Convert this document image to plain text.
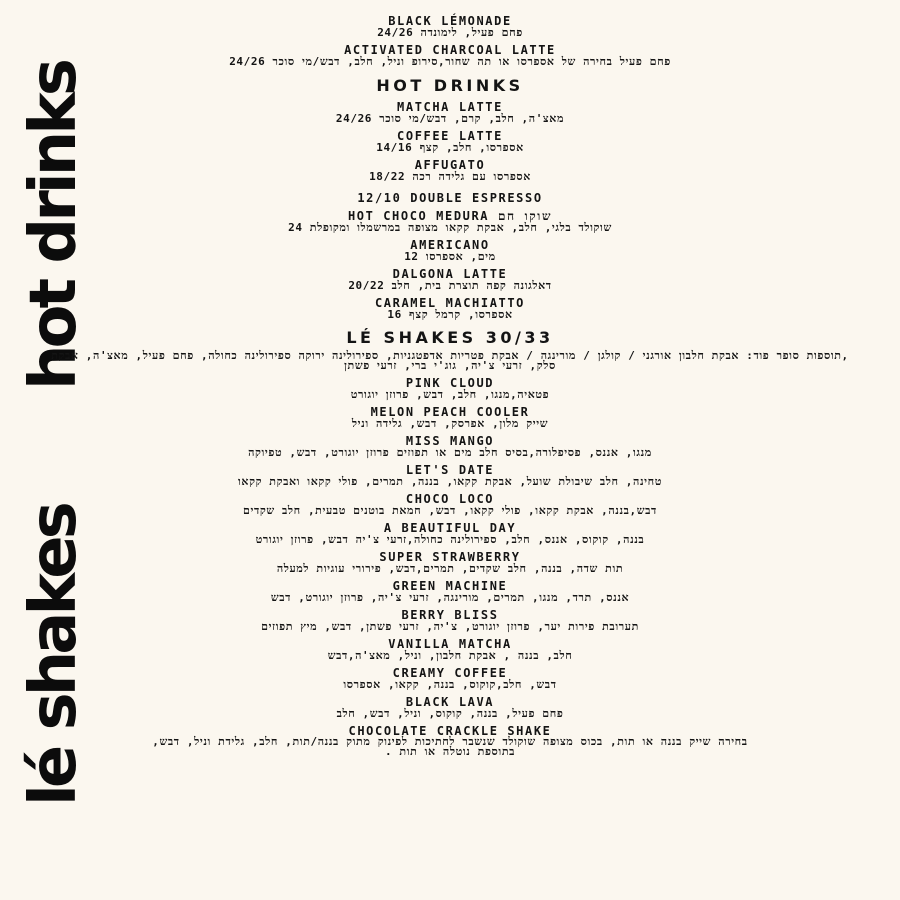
hot drinks
lé shakes
BLACK LÉMONADE
פחם פעיל, לימונדה 24/26
ACTIVATED CHARCOAL LATTE
פחם פעיל בחירה של אספרסו או תה שחור,סירופ וניל, חלב, דבש/מי סוכר 24/26
HOT DRINKS
MATCHA LATTE
מאצ'ה, חלב, קרם, דבש/מי סוכר 24/26
COFFEE LATTE
אספרסו, חלב, קצף 14/16
AFFUGATO
אספרסו עם גלידה רכה 18/22
12/10 DOUBLE ESPRESSO
HOT CHOCO MEDURA שוקו חם
שוקולד בלגי, חלב, אבקת קקאו מצופה במרשמלו ומקופלת 24
AMERICANO
מים, אספרסו 12
DALGONA LATTE
דאלגונה קפה תוצרת בית, חלב 20/22
CARAMEL MACHIATTO
אספרסו, קרמל קצף 16
LÉ SHAKES 30/33
,תוספות סופר פוד: אבקת חלבון אורגני / קולגן / מורינגה / אבקת פטריות אדפטגניות, ספירולינה ירוקה ספירולינה כחולה, פחם פעיל, מאצ'ה, אבקת סלק, זרעי צ'יה, גוג'י ברי, זרעי פשתן
PINK CLOUD
פטאיה,מנגו, חלב, דבש, פרוזן יוגורט
MELON PEACH COOLER
שייק מלון, אפרסק, דבש, גלידה וניל
MISS MANGO
מנגו, אננס, פסיפלורה,בסיס חלב מים או תפוזים פרוזן יוגורט, דבש, טפיוקה
LET'S DATE
טחינה, חלב שיבולת שועל, אבקת קקאו, בננה, תמרים, פולי קקאו ואבקת קקאו
CHOCO LOCO
דבש,בננה, אבקת קקאו, פולי קקאו, דבש, חמאת בוטנים טבעית, חלב שקדים
A BEAUTIFUL DAY
בננה, קוקוס, אננס, חלב, ספירולינה כחולה,זרעי צ'יה דבש, פרוזן יוגורט
SUPER STRAWBERRY
תות שדה, בננה, חלב שקדים, תמרים,דבש, פירורי עוגיות למעלה
GREEN MACHINE
אננס, תרד, מנגו, תמרים, מורינגה, זרעי צ'יה, פרוזן יוגורט, דבש
BERRY BLISS
תערובת פירות יער, פרוזן יוגורט, צ'יה, זרעי פשתן, דבש, מיץ תפוזים
VANILLA MATCHA
חלב, בננה , אבקת חלבון, וניל, מאצ'ה,דבש
CREAMY COFFEE
דבש, חלב,קוקוס, בננה, קקאו, אספרסו
BLACK LAVA
פחם פעיל, בננה, קוקוס, וניל, דבש, חלב
CHOCOLATE CRACKLE SHAKE
בחירה שייק בננה או תות, בכוס מצופה שוקולד שנשבר לחתיכות לפינוק מתוק בננה/תות, חלב, גלידת וניל, דבש, בתוספת נוטלה או תות .
